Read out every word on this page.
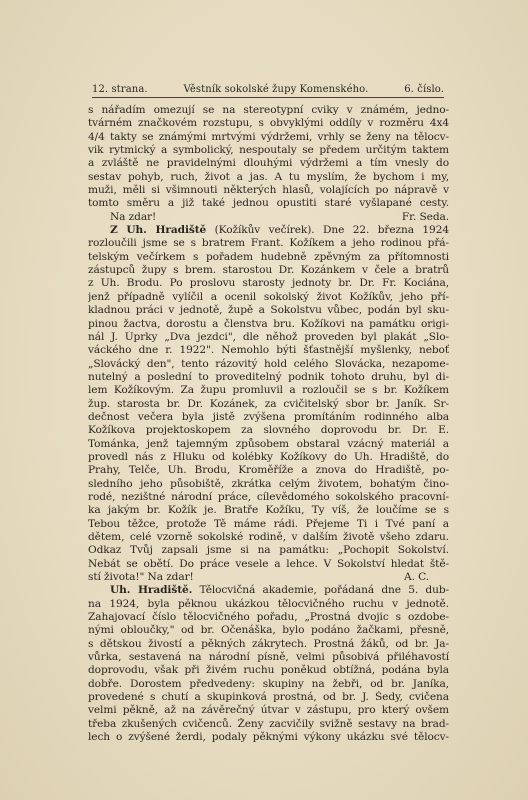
12. strana.	Věstník sokolské župy Komenského.	6. číslo.
s nářadím omezují se na stereotypní cviky v známém, jedno-
tvárném značkovém rozstupu, s obvyklými oddíly v rozměru 4x4
4/4 takty se známými mrtvými výdržemi, vrhly se ženy na tělocv-
vik rytmický a symbolický, nespoutaly se předem určitým taktem
a zvláště ne pravidelnými dlouhými výdržemi a tím vnesly do
sestav pohyb, ruch, život a jas. A tu myslím, že bychom i my,
muži, měli si všimnouti některých hlasů, volajících po nápravě v
tomto směru a již také jednou opustiti staré vyšlapané cesty.
Na zdar!	Fr. Seda.
Z Uh. Hradiště (Kožíkův večírek). Dne 22. března 1924
rozloučili jsme se s bratrem Frant. Kožíkem a jeho rodinou přá-
telským večírkem s pořadem hudebně zpěvným za přítomnosti
zástupců župy s brem. starostou Dr. Kozánkem v čele a bratrů
z Uh. Brodu. Po proslovu starosty jednoty br. Dr. Fr. Kociána,
jenž případně vylíčil a ocenil sokolský život Kožíkův, jeho pří-
kladnou práci v jednotě, župě a Sokolstvu vůbec, podán byl sku-
pinou žactva, dorostu a členstva bru. Kožíkovi na památku origi-
nál J. Úprky „Dva jezdci", dle něhož proveden byl plakát „Slo-
váckého dne r. 1922". Nemohlo býti šťastnější myšlenky, neboť
„Slovácký den", tento rázovitý hold celého Slovácka, nezapome-
nutelný a poslední to proveditelný podnik tohoto druhu, byl di-
lem Kožíkovým. Za župu promluvil a rozloučil se s br. Kožíkem
žup. starosta br. Dr. Kozánek, za cvičitelský sbor br. Janík. Sr-
dečnost večera byla jistě zvýšena promítáním rodinného alba
Kožíkova projektoskopem za slovného doprovodu br. Dr. E.
Tománka, jenž tajemným způsobem obstaral vzácný materiál a
provedl nás z Hluku od kolébky Kožíkovy do Uh. Hradiště, do
Prahy, Telče, Uh. Brodu, Kroměříže a znova do Hradiště, po-
sledního jeho působiště, zkrátka celým životem, bohatým čino-
rodé, nezištné národní práce, cílevědomého sokolského pracovní-
ka jakým br. Kožík je. Bratře Kožíku, Ty víš, že loučíme se s
Tebou těžce, protože Tě máme rádi. Přejeme Ti i Tvé paní a
dětem, celé vzorně sokolské rodině, v dalším životě všeho zdaru.
Odkaz Tvůj zapsali jsme si na památku: „Pochopit Sokolství.
Nebát se obětí. Do práce vesele a lehce. V Sokolství hledat ště-
stí života!" Na zdar!	A. C.
Uh. Hradiště. Tělocvičná akademie, pořádaná dne 5. dub-
na 1924, byla pěknou ukázkou tělocvičného ruchu v jednotě.
Zahajovací číslo tělocvičného pořadu, „Prostná dvojic s ozdobe-
nými obloučky," od br. Očenáška, bylo podáno žačkami, přesně,
s dětskou živostí a pěkných zákrytech. Prostná žáků, od br. Ja-
vůrka, sestavená na národní písně, velmi působivá přiléhavostí
doprovodu, však při živém ruchu poněkud obtížná, podána byla
dobře. Dorostem předvedeny: skupiny na žebři, od br. Janíka,
provedené s chutí a skupinková prostná, od br. J. Šedy, cvičena
velmi pěkně, až na závěrečný útvar v zástupu, pro který ovšem
třeba zkušených cvičenců. Ženy zacvičily svižně sestavy na brad-
lech o zvýšené žerdi, podaly pěknými výkony ukázku své tělocv-
